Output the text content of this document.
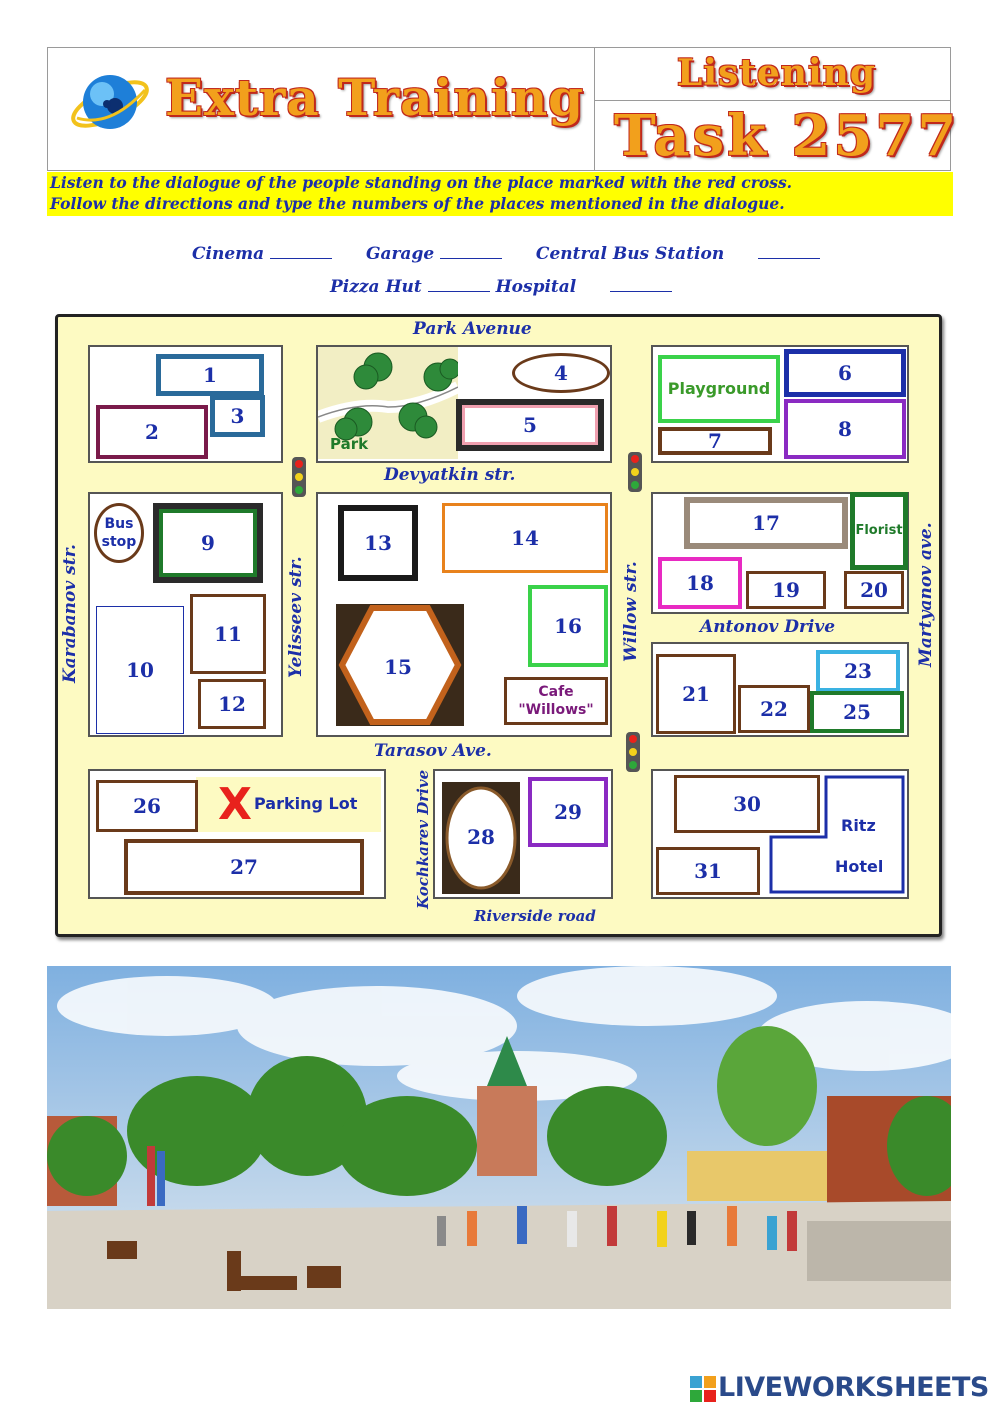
Extra Training	Listening
Task 2577
Listen to the dialogue of the people standing on the place marked with the red cross.
Follow the directions and type the numbers of the places mentioned in the dialogue.
Cinema	Garage	Central Bus Station
Pizza Hut	Hospital
X Parking Lot
Park
1
3
2
4
5
Playground
6
8
7
Bus
stop	9
10
11
12
13	14
15
16
Cafe
"Willows"
17	Florist
18	19	20
21
22
23
25
26
27
28
29	30
31
Ritz
Hotel
Park Avenue
Devyatkin str.
Tarasov Ave.
Riverside road
Antonov Drive
Karabanov str.	Yelisseev str.	Willow str.	Martyanov ave.
Kochkarev Drive
LIVEWORKSHEETS
